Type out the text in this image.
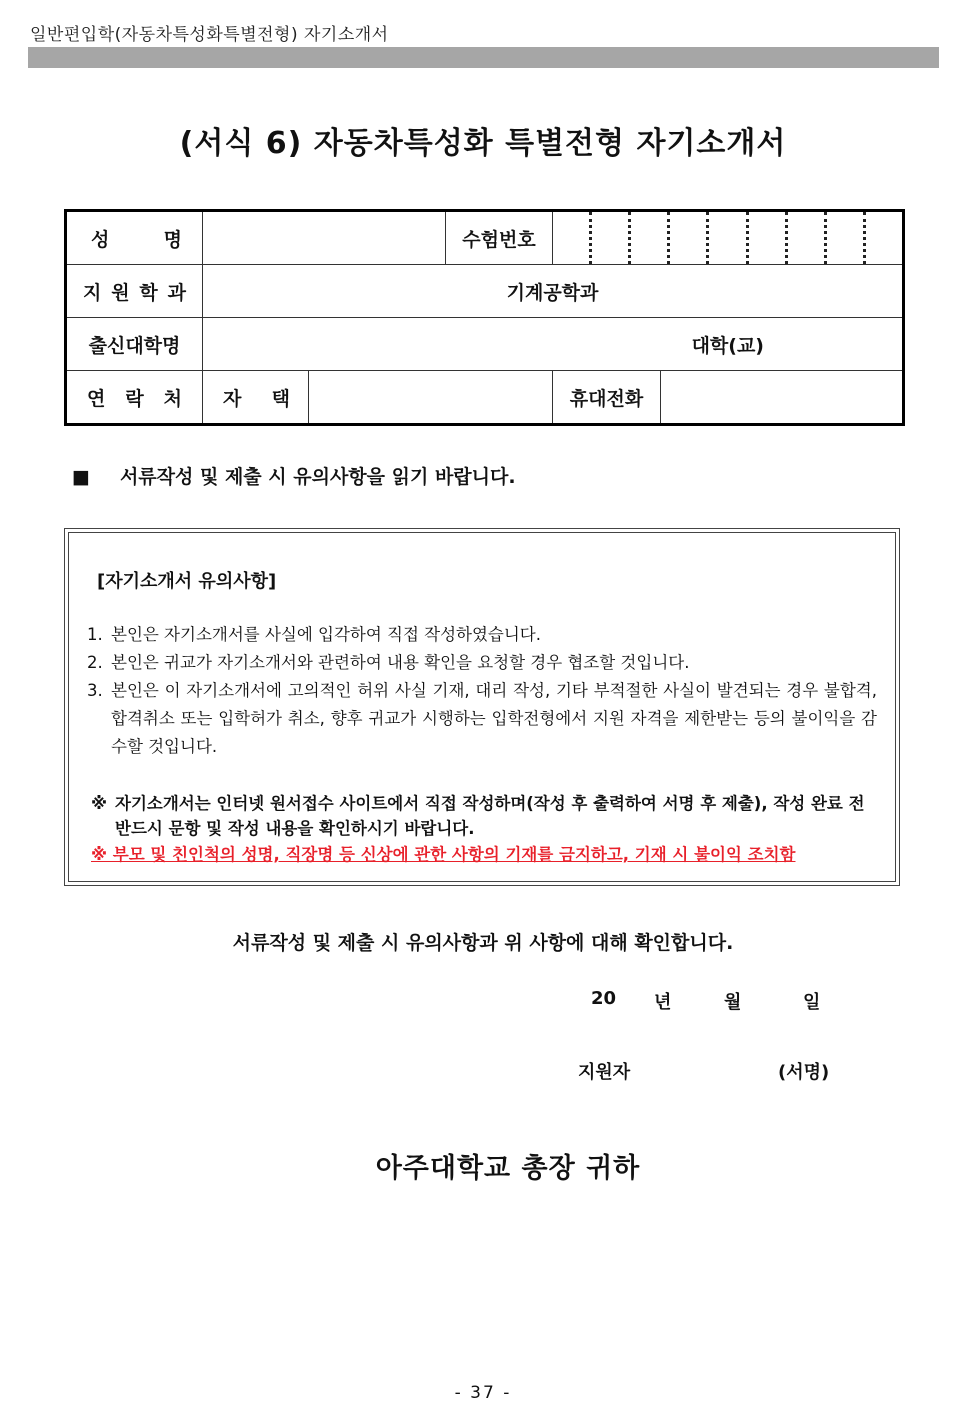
일반편입학(자동차특성화특별전형) 자기소개서
(서식 6) 자동차특성화 특별전형 자기소개서
성 명			수험번호		

지 원 학 과	기계공학과				
출신대학명	대학(교)				

연 락 처	자 택			휴대전화	
■ 서류작성 및 제출 시 유의사항을 읽기 바랍니다.
[자기소개서 유의사항]
1. 본인은 자기소개서를 사실에 입각하여 직접 작성하였습니다.
2. 본인은 귀교가 자기소개서와 관련하여 내용 확인을 요청할 경우 협조할 것입니다.
3. 본인은 이 자기소개서에 고의적인 허위 사실 기재, 대리 작성, 기타 부적절한 사실이 발견되는 경우 불합격, 합격취소 또는 입학허가 취소, 향후 귀교가 시행하는 입학전형에서 지원 자격을 제한받는 등의 불이익을 감수할 것입니다.
※ 자기소개서는 인터넷 원서접수 사이트에서 직접 작성하며(작성 후 출력하여 서명 후 제출), 작성 완료 전 반드시 문항 및 작성 내용을 확인하시기 바랍니다.
※ 부모 및 친인척의 성명, 직장명 등 신상에 관한 사항의 기재를 금지하고, 기재 시 불이익 조치함
서류작성 및 제출 시 유의사항과 위 사항에 대해 확인합니다.
20 년	월	일
지원자	(서명)
아주대학교 총장 귀하
- 37 -
